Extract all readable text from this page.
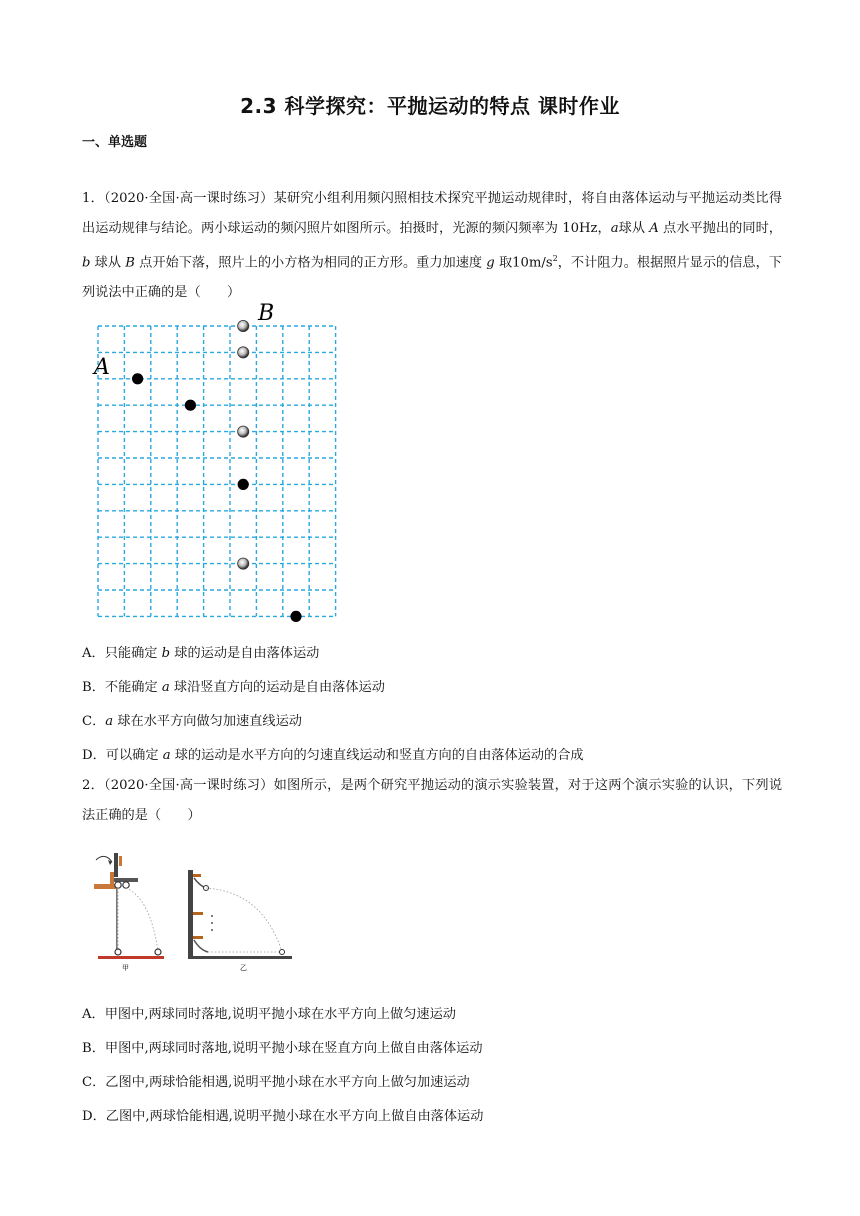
2.3 科学探究：平抛运动的特点 课时作业
一、单选题
1．（2020·全国·高一课时练习）某研究小组利用频闪照相技术探究平抛运动规律时，将自由落体运动与平抛运动类比得出运动规律与结论。两小球运动的频闪照片如图所示。拍摄时，光源的频闪频率为 10Hz，a球从 A 点水平抛出的同时，b 球从 B 点开始下落，照片上的小方格为相同的正方形。重力加速度 g 取$10m/s^2$，不计阻力。根据照片显示的信息，下列说法中正确的是（　　）
A
B
A．只能确定 b 球的运动是自由落体运动
B．不能确定 a 球沿竖直方向的运动是自由落体运动
C．a 球在水平方向做匀加速直线运动
D．可以确定 a 球的运动是水平方向的匀速直线运动和竖直方向的自由落体运动的合成
2．（2020·全国·高一课时练习）如图所示，是两个研究平抛运动的演示实验装置，对于这两个演示实验的认识，下列说法正确的是（　　）
甲	乙
A．甲图中,两球同时落地,说明平抛小球在水平方向上做匀速运动
B．甲图中,两球同时落地,说明平抛小球在竖直方向上做自由落体运动
C．乙图中,两球恰能相遇,说明平抛小球在水平方向上做匀加速运动
D．乙图中,两球恰能相遇,说明平抛小球在水平方向上做自由落体运动
